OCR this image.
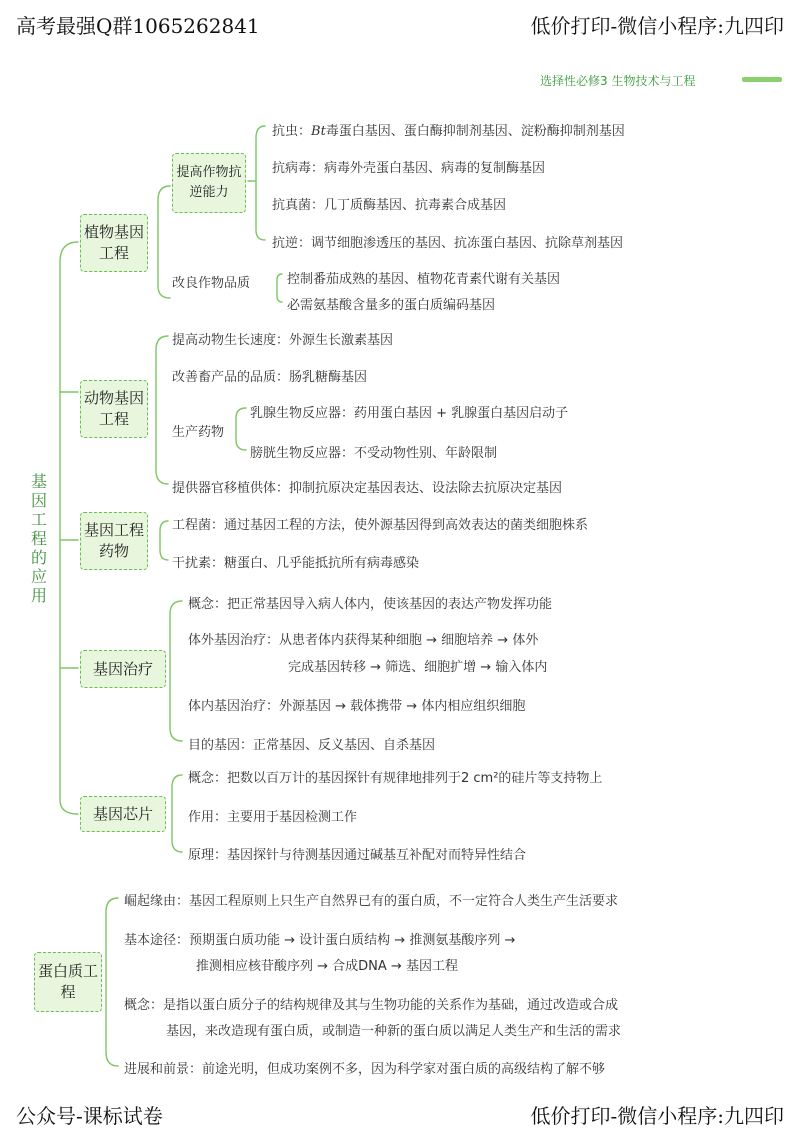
高考最强Q群1065262841	低价打印-微信小程序:九四印
公众号-课标试卷	低价打印-微信小程序:九四印
选择性必修3 生物技术与工程
基因工程的应用
植物基因工程
提高作物抗逆能力
抗虫：Bt毒蛋白基因、蛋白酶抑制剂基因、淀粉酶抑制剂基因
抗病毒：病毒外壳蛋白基因、病毒的复制酶基因
抗真菌：几丁质酶基因、抗毒素合成基因
抗逆：调节细胞渗透压的基因、抗冻蛋白基因、抗除草剂基因
改良作物品质	控制番茄成熟的基因、植物花青素代谢有关基因
必需氨基酸含量多的蛋白质编码基因
动物基因工程
提高动物生长速度：外源生长激素基因
改善畜产品的品质：肠乳糖酶基因
生产药物
乳腺生物反应器：药用蛋白基因 + 乳腺蛋白基因启动子
膀胱生物反应器：不受动物性别、年龄限制
提供器官移植供体：抑制抗原决定基因表达、设法除去抗原决定基因
基因工程药物
工程菌：通过基因工程的方法，使外源基因得到高效表达的菌类细胞株系
干扰素：糖蛋白、几乎能抵抗所有病毒感染
基因治疗
概念：把正常基因导入病人体内，使该基因的表达产物发挥功能
体外基因治疗：从患者体内获得某种细胞 → 细胞培养 → 体外
完成基因转移 → 筛选、细胞扩增 → 输入体内
体内基因治疗：外源基因 → 载体携带 → 体内相应组织细胞
目的基因：正常基因、反义基因、自杀基因
基因芯片
概念：把数以百万计的基因探针有规律地排列于2 cm²的硅片等支持物上
作用：主要用于基因检测工作
原理：基因探针与待测基因通过碱基互补配对而特异性结合
蛋白质工程
崛起缘由：基因工程原则上只生产自然界已有的蛋白质，不一定符合人类生产生活要求
基本途径：预期蛋白质功能 → 设计蛋白质结构 → 推测氨基酸序列 →
推测相应核苷酸序列 → 合成DNA → 基因工程
概念：是指以蛋白质分子的结构规律及其与生物功能的关系作为基础，通过改造或合成
基因，来改造现有蛋白质，或制造一种新的蛋白质以满足人类生产和生活的需求
进展和前景：前途光明，但成功案例不多，因为科学家对蛋白质的高级结构了解不够
